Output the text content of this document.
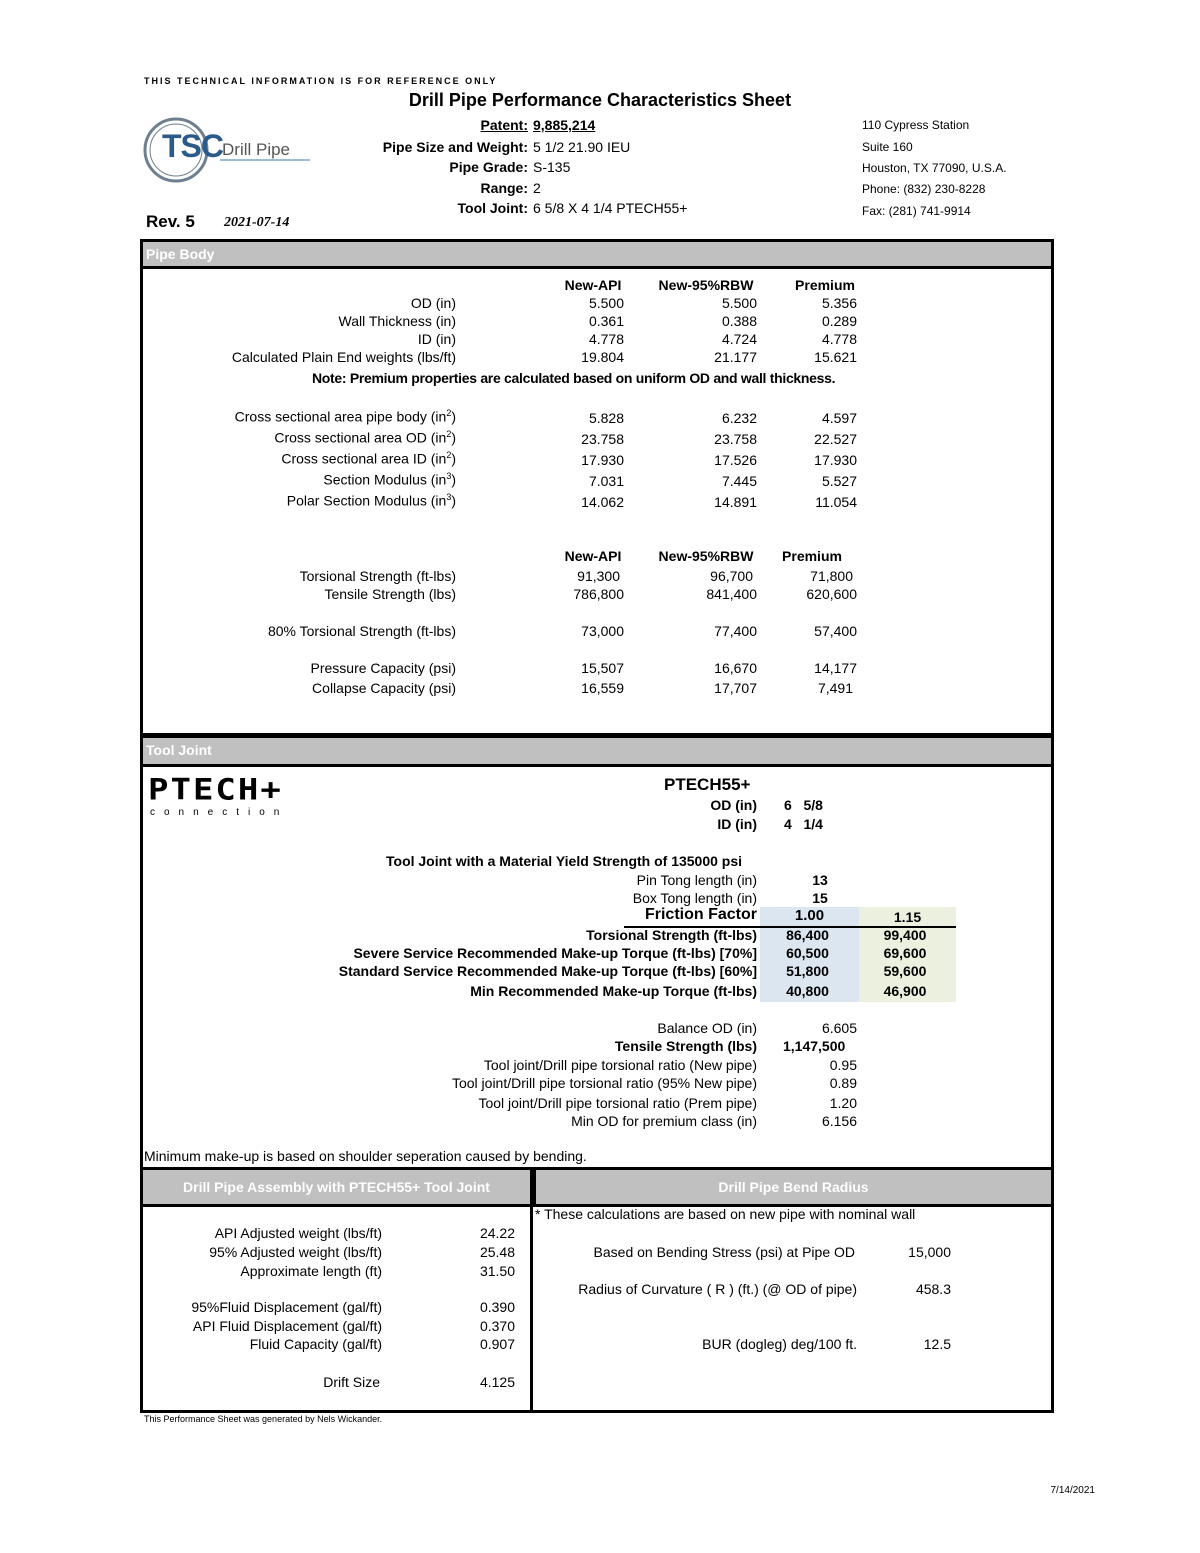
THIS TECHNICAL INFORMATION IS FOR REFERENCE ONLY
Drill Pipe Performance Characteristics Sheet
TSC Drill Pipe
Patent: 9,885,214
Pipe Size and Weight: 5 1/2 21.90 IEU
Pipe Grade: S-135
Range: 2
Tool Joint: 6 5/8 X 4 1/4 PTECH55+
110 Cypress Station
Suite 160
Houston, TX 77090, U.S.A.
Phone: (832) 230-8228
Fax: (281) 741-9914
Rev. 5 2021-07-14
Pipe Body
New-API	New-95%RBW	Premium
OD (in)	5.500	5.500	5.356
Wall Thickness (in)	0.361	0.388	0.289
ID (in)	4.778	4.724	4.778
Calculated Plain End weights (lbs/ft)	19.804	21.177	15.621
Note: Premium properties are calculated based on uniform OD and wall thickness.
Cross sectional area pipe body $(in^2)$	5.828	6.232	4.597
Cross sectional area OD $(in^2)$	23.758	23.758	22.527
Cross sectional area ID $(in^2)$	17.930	17.526	17.930
Section Modulus $(in^3)$	7.031	7.445	5.527
Polar Section Modulus $(in^3)$	14.062	14.891	11.054
New-API	New-95%RBW	Premium
Torsional Strength (ft-lbs)	91,300	96,700	71,800
Tensile Strength (lbs)	786,800	841,400	620,600
80% Torsional Strength (ft-lbs)	73,000	77,400	57,400
Pressure Capacity (psi)	15,507	16,670	14,177
Collapse Capacity (psi)	16,559	17,707	7,491
Tool Joint
PTECH+
connection
PTECH55+
OD (in) 6   5/8
ID (in) 4   1/4
Tool Joint with a Material Yield Strength of 135000 psi
Pin Tong length (in)	13
Box Tong length (in)	15
Friction Factor	1.00	1.15
Torsional Strength (ft-lbs)	86,400	99,400
Severe Service Recommended Make-up Torque (ft-lbs) [70%]	60,500	69,600
Standard Service Recommended Make-up Torque (ft-lbs) [60%]	51,800	59,600
Min Recommended Make-up Torque (ft-lbs)	40,800	46,900
Balance OD (in)	6.605
Tensile Strength (lbs) 1,147,500
Tool joint/Drill pipe torsional ratio (New pipe)	0.95
Tool joint/Drill pipe torsional ratio (95% New pipe)	0.89
Tool joint/Drill pipe torsional ratio (Prem pipe)	1.20
Min OD for premium class (in)	6.156
Minimum make-up is based on shoulder seperation caused by bending.
Drill Pipe Assembly with PTECH55+ Tool Joint	Drill Pipe Bend Radius
API Adjusted weight (lbs/ft)	24.22
95% Adjusted weight (lbs/ft)	25.48
Approximate length (ft)	31.50
95%Fluid Displacement (gal/ft)	0.390
API Fluid Displacement (gal/ft)	0.370
Fluid Capacity (gal/ft)	0.907
Drift Size	4.125
* These calculations are based on new pipe with nominal wall
Based on Bending Stress (psi) at Pipe OD	15,000
Radius of Curvature ( R ) (ft.) (@ OD of pipe)	458.3
BUR (dogleg) deg/100 ft.	12.5
This Performance Sheet was generated by Nels Wickander.
7/14/2021
